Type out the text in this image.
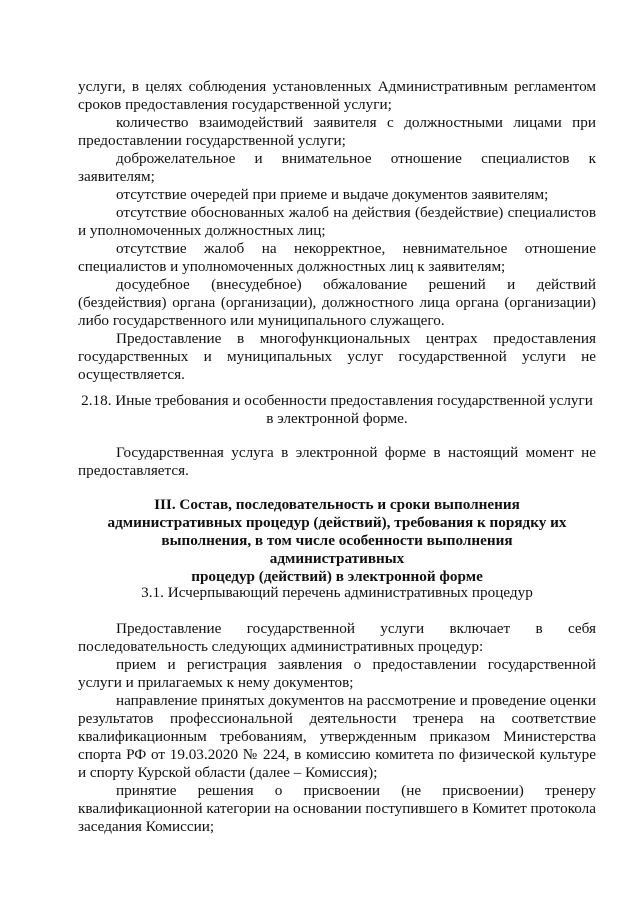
услуги, в целях соблюдения установленных Административным регламентом сроков предоставления государственной услуги;

количество взаимодействий заявителя с должностными лицами при предоставлении государственной услуги;

доброжелательное и внимательное отношение специалистов к заявителям;

отсутствие очередей при приеме и выдаче документов заявителям;

отсутствие обоснованных жалоб на действия (бездействие) специалистов и уполномоченных должностных лиц;

отсутствие жалоб на некорректное, невнимательное отношение специалистов и уполномоченных должностных лиц к заявителям;

досудебное (внесудебное) обжалование решений и действий (бездействия) органа (организации), должностного лица органа (организации) либо государственного или муниципального служащего.

Предоставление в многофункциональных центрах предоставления государственных и муниципальных услуг государственной услуги не осуществляется.

2.18. Иные требования и особенности предоставления государственной услуги
в электронной форме.

Государственная услуга в электронной форме в настоящий момент не предоставляется.

III. Состав, последовательность и сроки выполнения
административных процедур (действий), требования к порядку их
выполнения, в том числе особенности выполнения административных
процедур (действий) в электронной форме
3.1. Исчерпывающий перечень административных процедур

Предоставление государственной услуги включает в себя последовательность следующих административных процедур:

прием и регистрация заявления о предоставлении государственной услуги и прилагаемых к нему документов;

направление принятых документов на рассмотрение и проведение оценки результатов профессиональной деятельности тренера на соответствие квалификационным требованиям, утвержденным приказом Министерства спорта РФ от 19.03.2020 № 224, в комиссию комитета по физической культуре и спорту Курской области (далее – Комиссия);

принятие решения о присвоении (не присвоении) тренеру квалификационной категории на основании поступившего в Комитет протокола заседания Комиссии;
